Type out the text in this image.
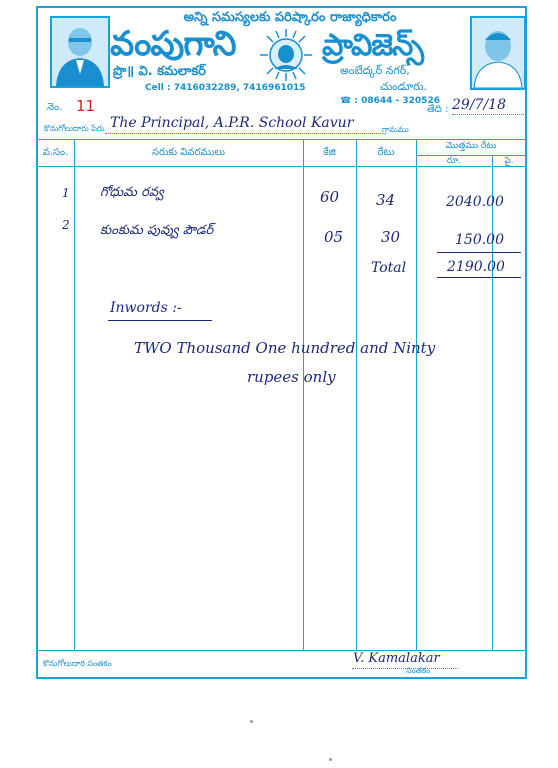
అన్ని సమస్యలకు పరిష్కారం రాజ్యాధికారం
వంపుగాని	ప్రావిజెన్స్
ప్రొ॥ వి. కమలాకర్
Cell : 7416032289, 7416961015
అంబేద్కర్ నగర్,
చుండూరు.
☎ : 08644 - 320526
నెం. 11	తేది : 29/7/18
కొనుగోలుదారు పేరు The Principal, A.P.R. School Kavur	గ్రామము
వ.సం.	సరుకు వివరములు	కేజి	రేటు
మొత్తము రేటు
రూ.	పై.
1 గోధుమ రవ్వ	60 34	2040.00
2 కుంకుమ పువ్వు పౌడర్	05	30	150.00
Total	2190.00
Inwords :-
TWO Thousand One hundred and Ninty
rupees only
కొనుగోలుదారి సంతకం	V. Kamalakar
సంతకం
